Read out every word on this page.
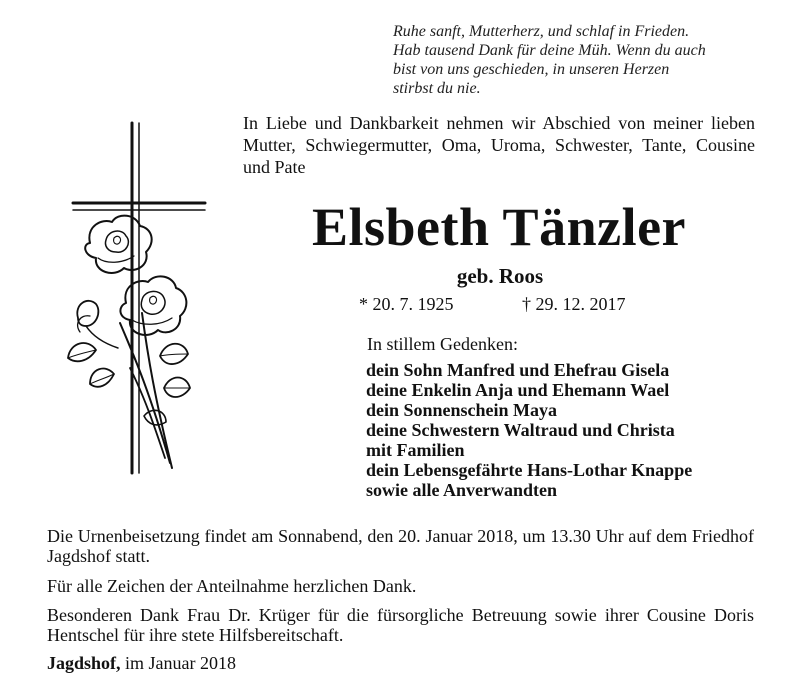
Ruhe sanft, Mutterherz, und schlaf in Frieden.
Hab tausend Dank für deine Müh. Wenn du auch
bist von uns geschieden, in unseren Herzen
stirbst du nie.
In Liebe und Dankbarkeit nehmen wir Abschied von meiner lieben Mutter, Schwiegermutter, Oma, Uroma, Schwester, Tante, Cousine und Pate
Elsbeth Tänzler
geb. Roos
* 20. 7. 1925	† 29. 12. 2017
In stillem Gedenken:
dein Sohn Manfred und Ehefrau Gisela
deine Enkelin Anja und Ehemann Wael
dein Sonnenschein Maya
deine Schwestern Waltraud und Christa
mit Familien
dein Lebensgefährte Hans-Lothar Knappe
sowie alle Anverwandten
Die Urnenbeisetzung findet am Sonnabend, den 20. Januar 2018, um 13.30 Uhr auf dem Friedhof Jagdshof statt.
Für alle Zeichen der Anteilnahme herzlichen Dank.
Besonderen Dank Frau Dr. Krüger für die fürsorgliche Betreuung sowie ihrer Cousine Doris Hentschel für ihre stete Hilfsbereitschaft.
Jagdshof, im Januar 2018
